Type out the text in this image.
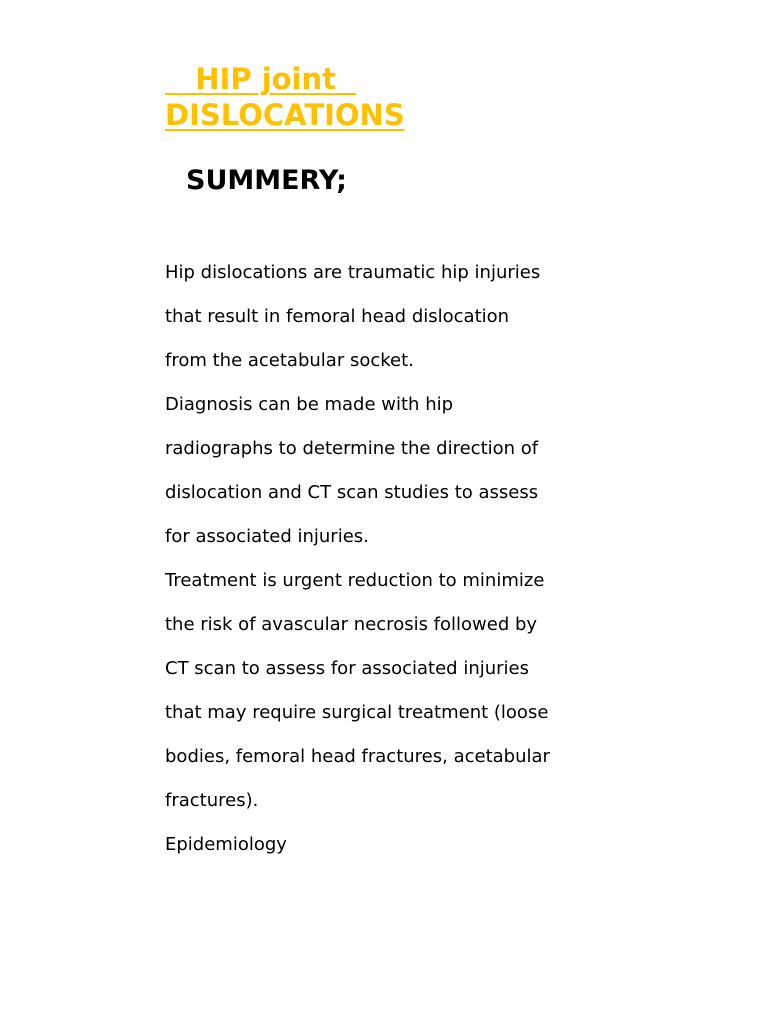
HIP joint
DISLOCATIONS
SUMMERY;
Hip dislocations are traumatic hip injuries
that result in femoral head dislocation
from the acetabular socket.
Diagnosis can be made with hip
radiographs to determine the direction of
dislocation and CT scan studies to assess
for associated injuries.
Treatment is urgent reduction to minimize
the risk of avascular necrosis followed by
CT scan to assess for associated injuries
that may require surgical treatment (loose
bodies, femoral head fractures, acetabular
fractures).
Epidemiology
